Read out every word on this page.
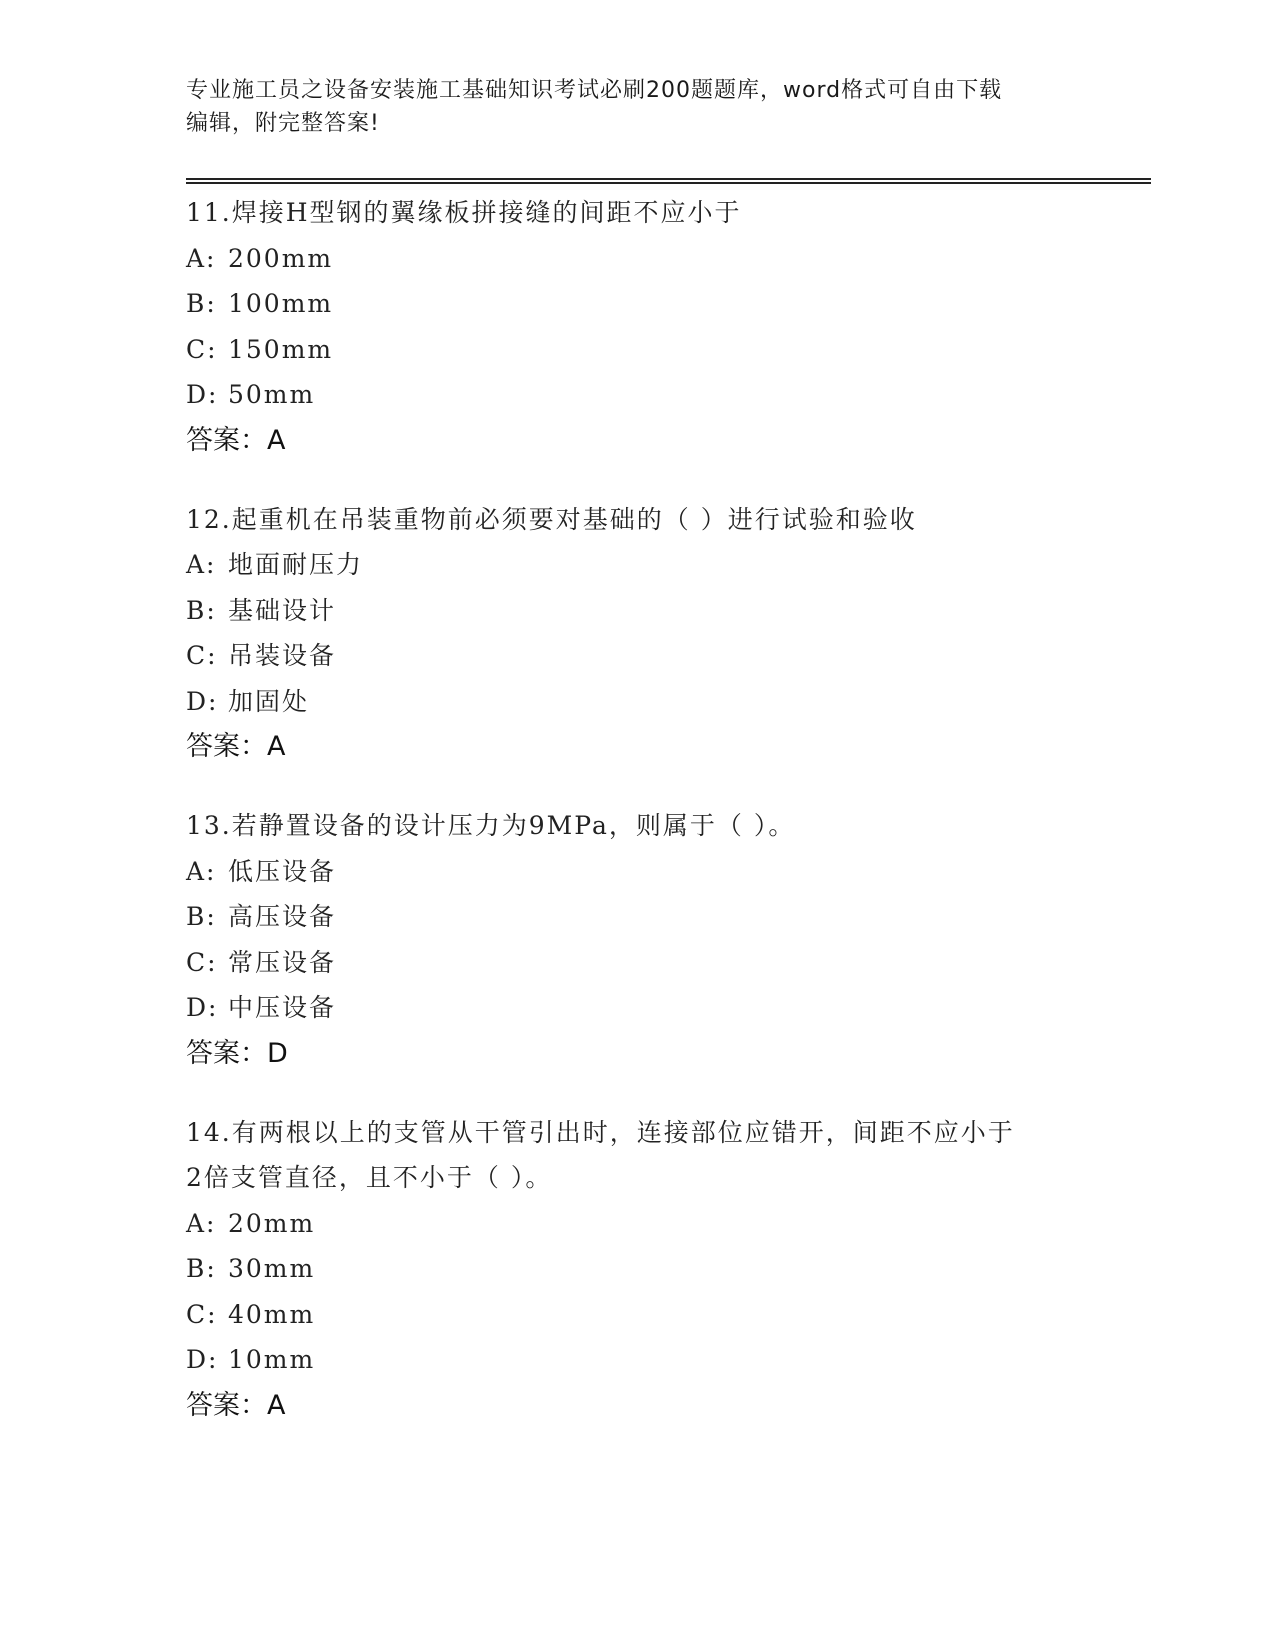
专业施工员之设备安装施工基础知识考试必刷200题题库，word格式可自由下载
编辑，附完整答案!
11.焊接H型钢的翼缘板拼接缝的间距不应小于
A: 200mm
B: 100mm
C: 150mm
D: 50mm
答案：A
12.起重机在吊装重物前必须要对基础的（ ）进行试验和验收
A: 地面耐压力
B: 基础设计
C: 吊装设备
D: 加固处
答案：A
13.若静置设备的设计压力为9MPa，则属于（ ）。
A: 低压设备
B: 高压设备
C: 常压设备
D: 中压设备
答案：D
14.有两根以上的支管从干管引出时，连接部位应错开，间距不应小于
2倍支管直径，且不小于（ ）。
A: 20mm
B: 30mm
C: 40mm
D: 10mm
答案：A
